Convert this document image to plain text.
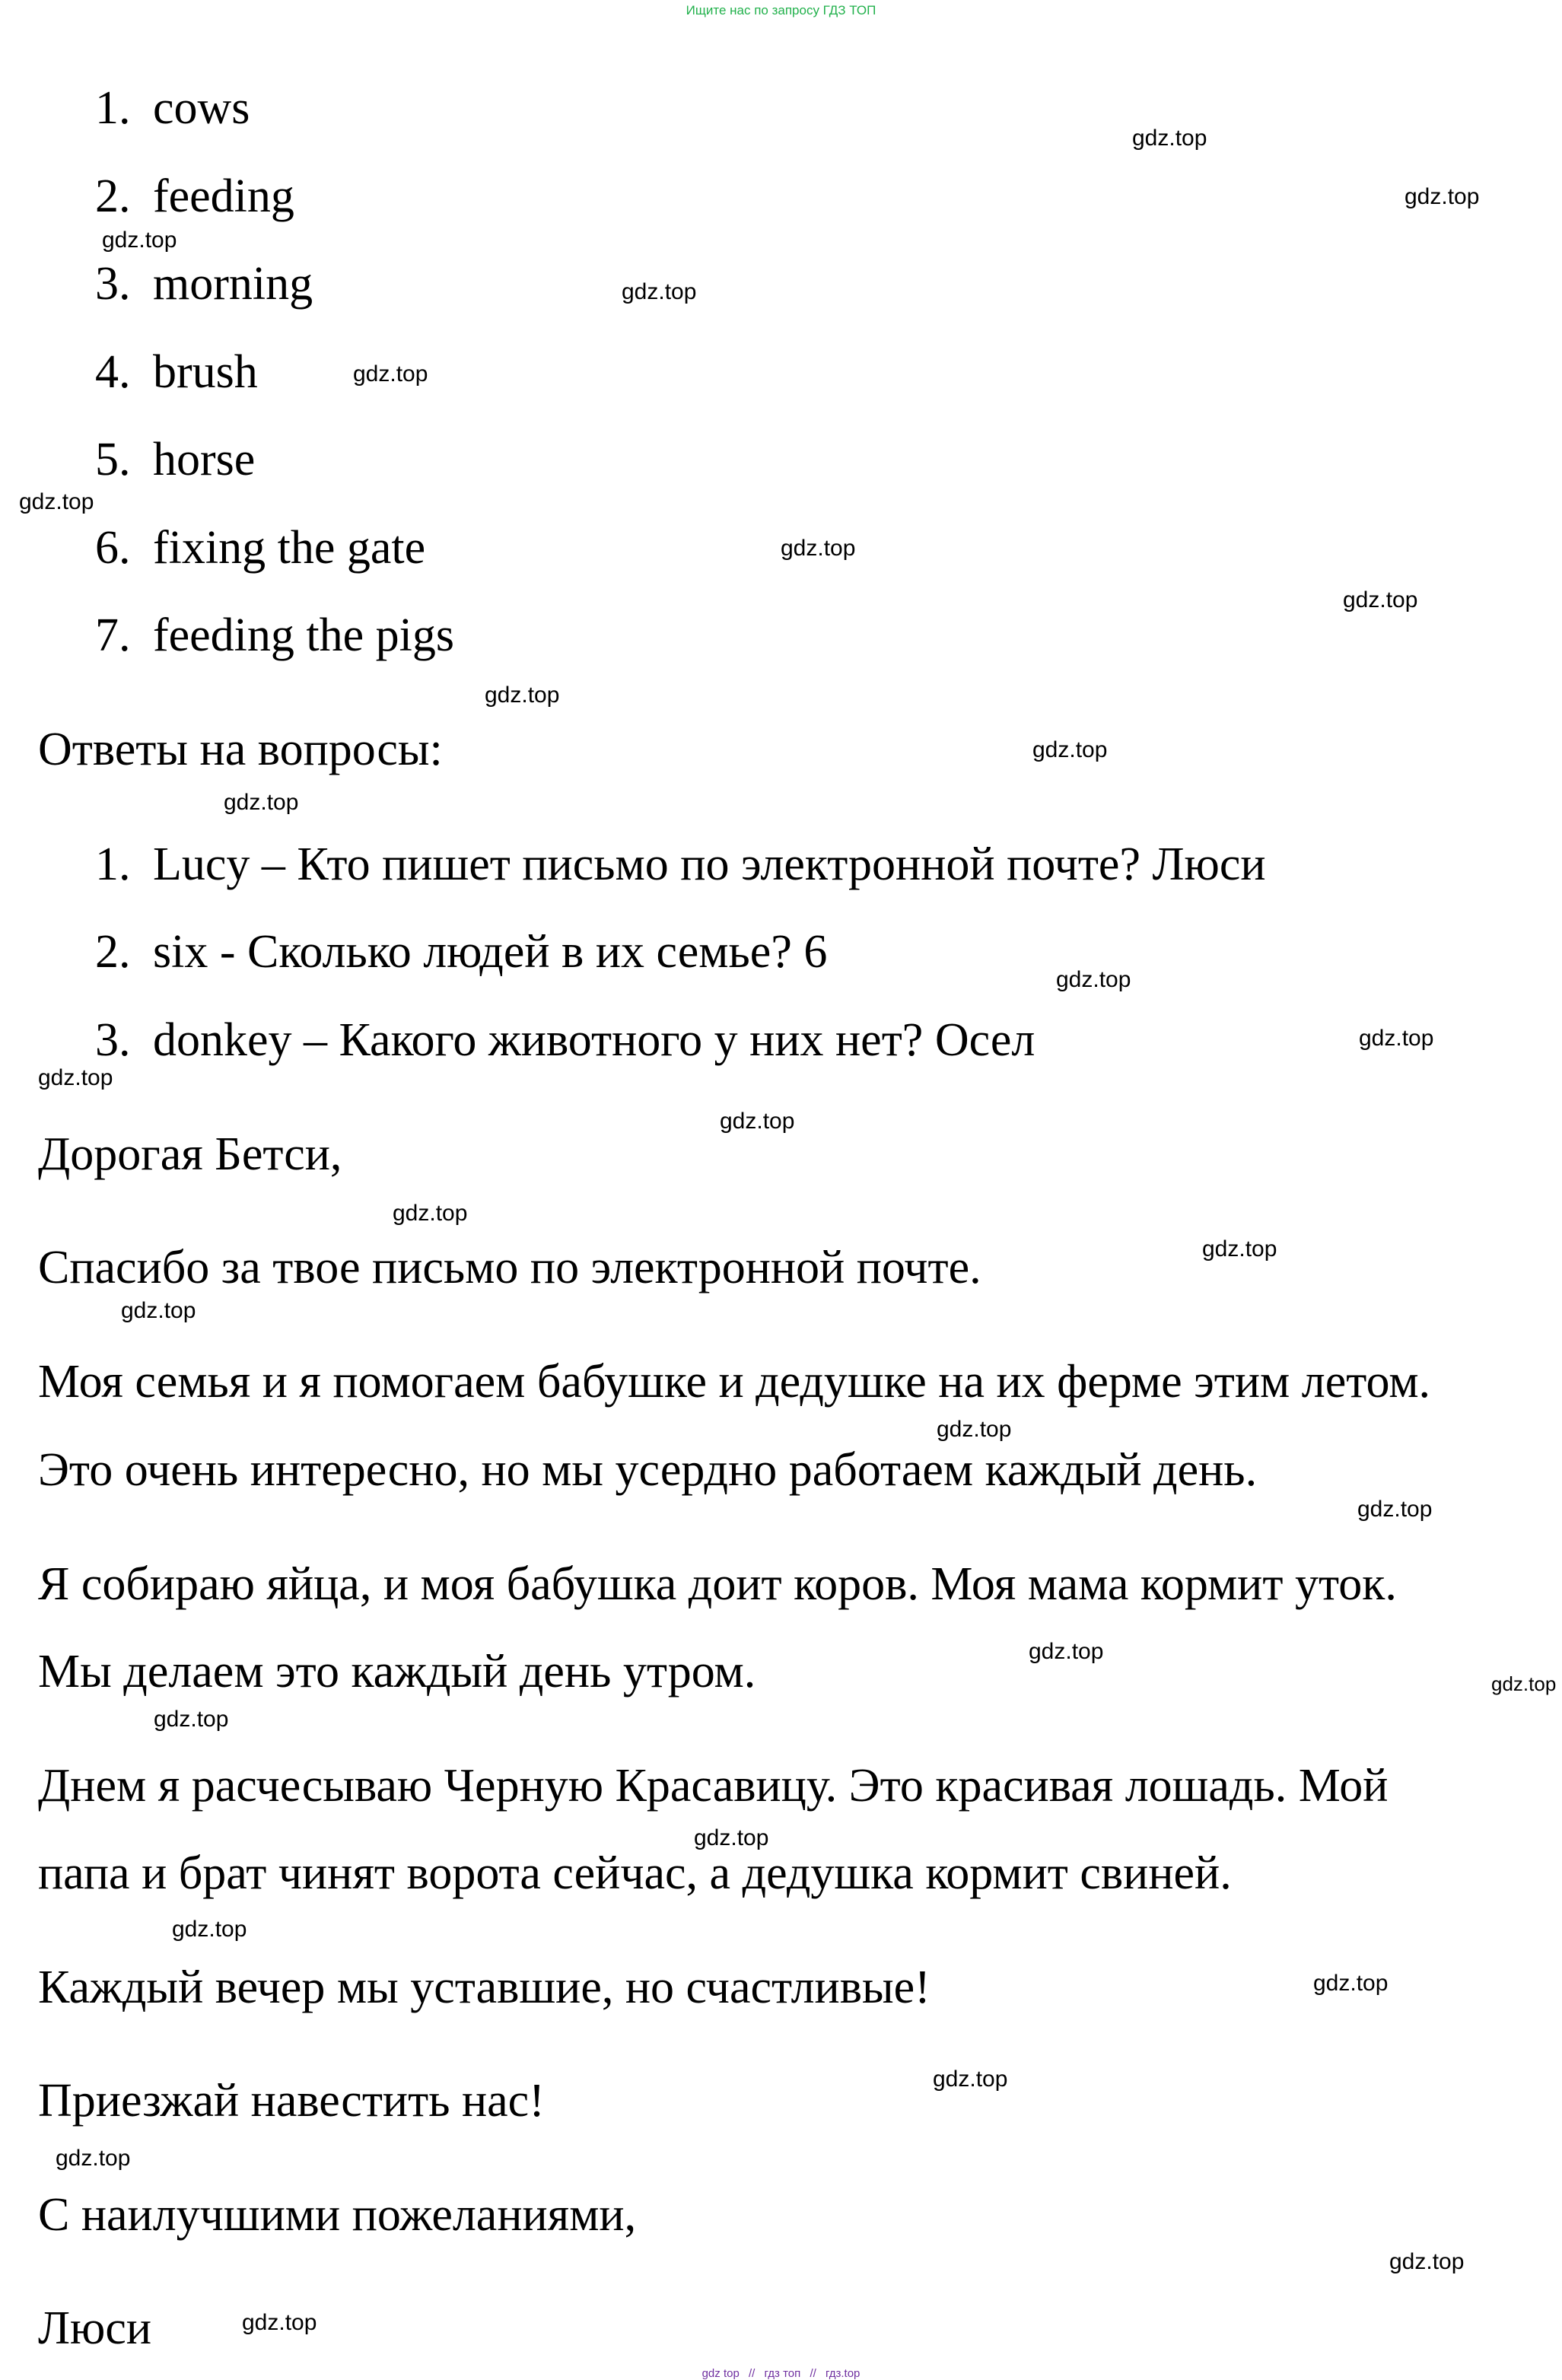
Ищите нас по запросу ГДЗ ТОП
1. cows
2. feeding
3. morning
4. brush
5. horse
6. fixing the gate
7. feeding the pigs
Ответы на вопросы:
1. Lucy – Кто пишет письмо по электронной почте? Люси
2. six - Сколько людей в их семье? 6
3. donkey – Какого животного у них нет? Осел
Дорогая Бетси,
Спасибо за твое письмо по электронной почте.
Моя семья и я помогаем бабушке и дедушке на их ферме этим летом.
Это очень интересно, но мы усердно работаем каждый день.
Я собираю яйца, и моя бабушка доит коров. Моя мама кормит уток.
Мы делаем это каждый день утром.
Днем я расчесываю Черную Красавицу. Это красивая лошадь. Мой
папа и брат чинят ворота сейчас, а дедушка кормит свиней.
Каждый вечер мы уставшие, но счастливые!
Приезжай навестить нас!
С наилучшими пожеланиями,
Люси
gdz.top
gdz.top
gdz.top
gdz.top
gdz.top
gdz.top
gdz.top
gdz.top
gdz.top
gdz.top
gdz.top
gdz.top
gdz.top
gdz.top
gdz.top
gdz.top
gdz.top
gdz.top
gdz.top
gdz.top
gdz.top
gdz.top
gdz.top
gdz.top
gdz.top
gdz.top
gdz.top
gdz.top
gdz.top
gdz.top
gdz top // гдз топ // гдз.top
